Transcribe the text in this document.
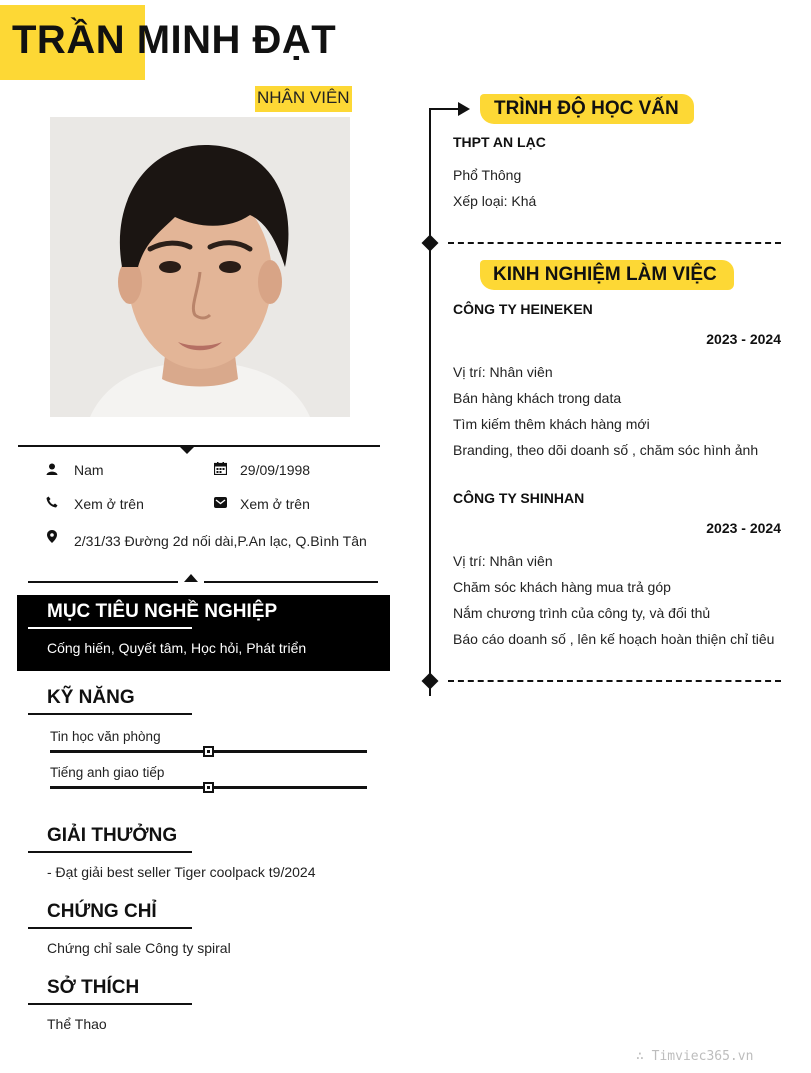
TRẦN MINH ĐẠT
NHÂN VIÊN
Nam	29/09/1998
Xem ở trên	Xem ở trên
2/31/33 Đường 2d nối dài,P.An lạc, Q.Bình Tân
MỤC TIÊU NGHỀ NGHIỆP
Cống hiến, Quyết tâm, Học hỏi, Phát triển
KỸ NĂNG
Tin học văn phòng
Tiếng anh giao tiếp
GIẢI THƯỞNG
- Đạt giải best seller Tiger coolpack t9/2024
CHỨNG CHỈ
Chứng chỉ sale Công ty spiral
SỞ THÍCH
Thể Thao
TRÌNH ĐỘ HỌC VẤN
THPT AN LẠC
Phổ Thông
Xếp loại: Khá
KINH NGHIỆM LÀM VIỆC
CÔNG TY HEINEKEN
2023 - 2024
Vị trí: Nhân viên
Bán hàng khách trong data
Tìm kiếm thêm khách hàng mới
Branding, theo dõi doanh số , chăm sóc hình ảnh
CÔNG TY SHINHAN
2023 - 2024
Vị trí: Nhân viên
Chăm sóc khách hàng mua trả góp
Nắm chương trình của công ty, và đối thủ
Báo cáo doanh số , lên kế hoạch hoàn thiện chỉ tiêu
∴ Timviec365.vn
